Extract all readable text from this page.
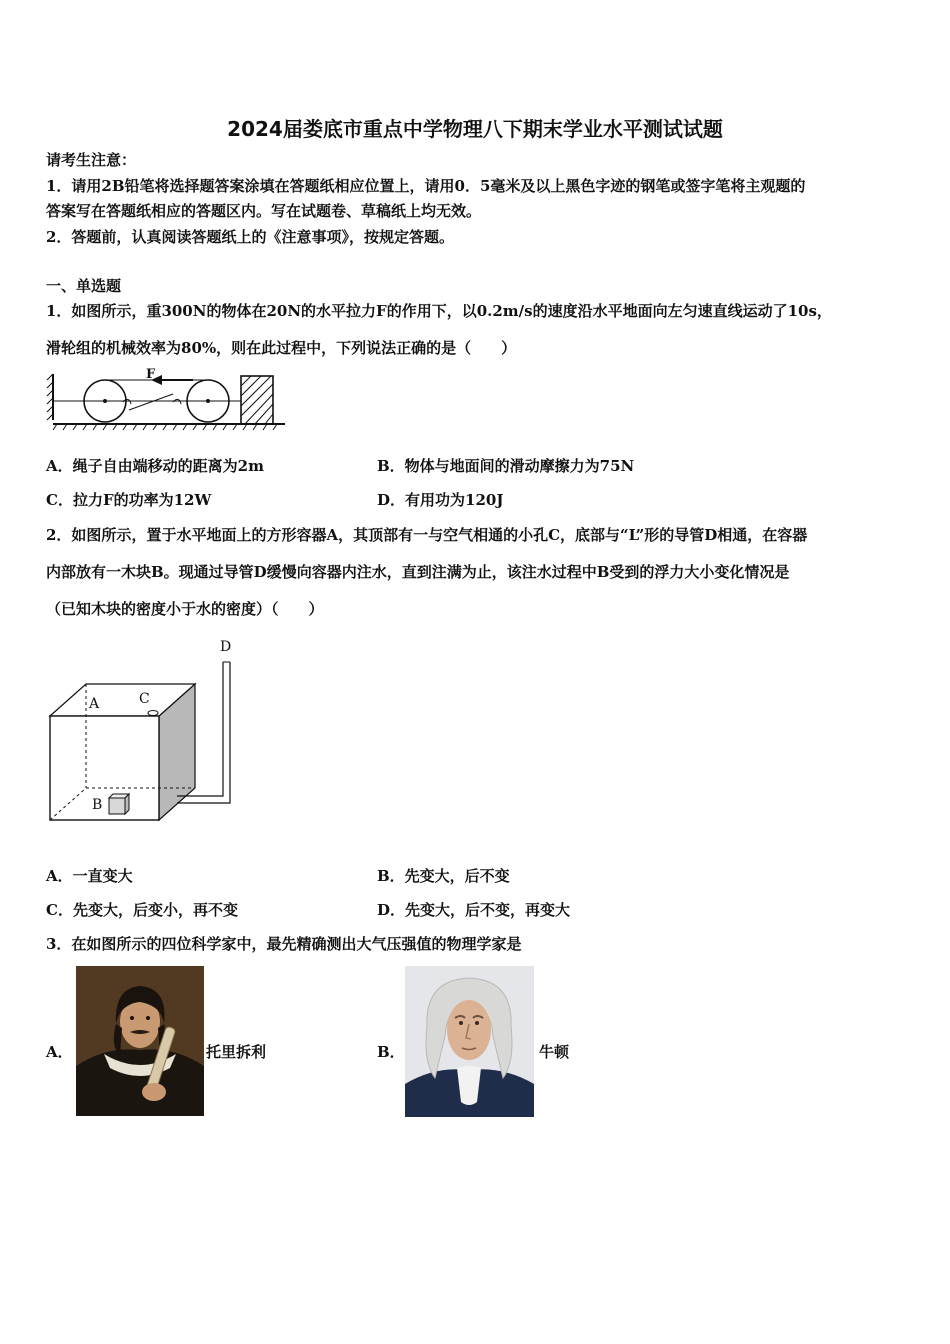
2024届娄底市重点中学物理八下期末学业水平测试试题
请考生注意：
1．请用2B铅笔将选择题答案涂填在答题纸相应位置上，请用0．5毫米及以上黑色字迹的钢笔或签字笔将主观题的
答案写在答题纸相应的答题区内。写在试题卷、草稿纸上均无效。
2．答题前，认真阅读答题纸上的《注意事项》，按规定答题。
一、单选题
1．如图所示，重300N的物体在20N的水平拉力F的作用下，以0.2m/s的速度沿水平地面向左匀速直线运动了10s，
滑轮组的机械效率为80%，则在此过程中，下列说法正确的是（　　）
F
A．绳子自由端移动的距离为2m	B．物体与地面间的滑动摩擦力为75N
C．拉力F的功率为12W	D．有用功为120J
2．如图所示，置于水平地面上的方形容器A，其顶部有一与空气相通的小孔C，底部与“L”形的导管D相通，在容器
内部放有一木块B。现通过导管D缓慢向容器内注水，直到注满为止，该注水过程中B受到的浮力大小变化情况是
（已知木块的密度小于水的密度）（　　）
A	C
B
D
A．一直变大	B．先变大，后不变
C．先变大，后变小，再不变	D．先变大，后不变，再变大
3．在如图所示的四位科学家中，最先精确测出大气压强值的物理学家是
A．	托里拆利	B．	牛顿
